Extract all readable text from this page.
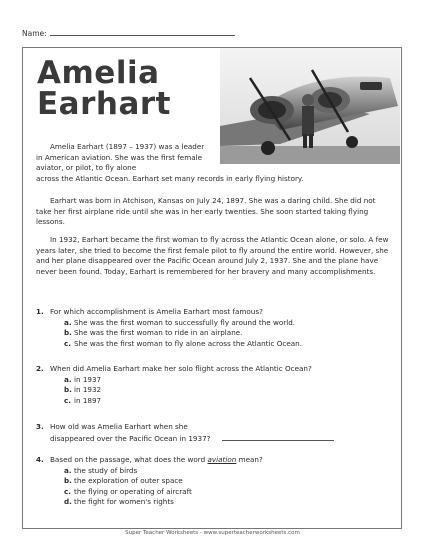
Name:
Amelia
Earhart
Amelia Earhart (1897 – 1937) was a leader in American aviation. She was the first female aviator, or pilot, to fly alone
across the Atlantic Ocean. Earhart set many records in early flying history.
Earhart was born in Atchison, Kansas on July 24, 1897. She was a daring child. She did not take her first airplane ride until she was in her early twenties. She soon started taking flying lessons.
In 1932, Earhart became the first woman to fly across the Atlantic Ocean alone, or solo. A few years later, she tried to become the first female pilot to fly around the entire world. However, she and her plane disappeared over the Pacific Ocean around July 2, 1937. She and the plane have never been found. Today, Earhart is remembered for her bravery and many accomplishments.
1. For which accomplishment is Amelia Earhart most famous?
a. She was the first woman to successfully fly around the world.
b. She was the first woman to ride in an airplane.
c. She was the first woman to fly alone across the Atlantic Ocean.
2. When did Amelia Earhart make her solo flight across the Atlantic Ocean?
a. in 1937
b. in 1932
c. in 1897
3. How old was Amelia Earhart when she
disappeared over the Pacific Ocean in 1937?
4. Based on the passage, what does the word aviation mean?
a. the study of birds
b. the exploration of outer space
c. the flying or operating of aircraft
d. the fight for women's rights
Super Teacher Worksheets - www.superteacherworksheets.com
